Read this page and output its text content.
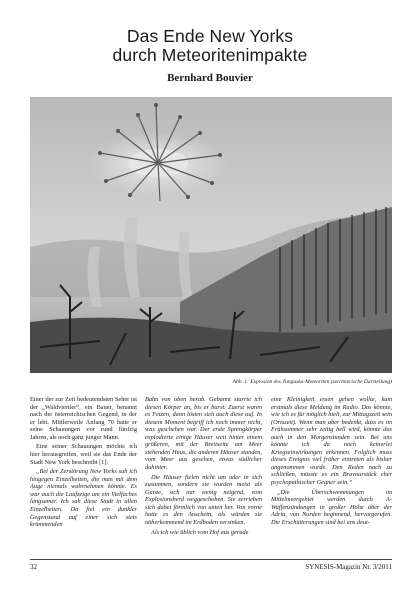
Das Ende New Yorks
durch Meteoritenimpakte
Bernhard Bouvier
Abb. 1: Explosion des Tunguska-Meteoriten (zeichnerische Darstellung)

Einer der zur Zeit bedeutendsten Seher ist der „Waldviertler“, ein Bauer, benannt nach der österreichischen Gegend, in der er lebt. Mittlerweile Anfang 70 hatte er seine Schauungen vor rund fünfzig Jahren, als noch ganz junger Mann.

Eine seiner Schauungen möchte ich hier herausgreifen, weil sie das Ende der Stadt New York beschreibt [1]:

„Bei der Zerstörung New Yorks sah ich hingegen Einzelheiten, die man mit dem Auge niemals wahrnehmen könnte. Es war auch die Laufzeige um ein Vielfaches langsamer. Ich sah diese Stadt in allen Einzelheiten. Da fiel ein dunkler Gegenstand auf einer sich stets krümmenden

Bahn von oben herab. Gebannt starrte ich diesen Körper an, bis er barst. Zuerst waren es Fetzen, dann lösten sich auch diese auf. In diesem Moment begriff ich noch immer nicht, was geschehen war. Der erste Sprengkörper explodierte einige Häuser weit hinter einem größeren, mit der Breitseite am Meer stehenden Haus, die anderen Häuser standen, vom Meer aus gesehen, etwas südlicher dahinter.

Die Häuser fielen nicht um oder in sich zusammen, sondern sie wurden meist als Ganze, sich nur wenig neigend, vom Explosionsherd weggeschoben. Sie zerrieben sich dabei förmlich von unten her. Von vorne hatte es den Anschein, als würden sie näherkommend im Erdboden versinken.

Als ich wie üblich vom Hof aus gerade

eine Kleinigkeit essen gehen wollte, kam erstmals diese Meldung im Radio. Das könnte, wie ich es für möglich hielt, zur Mittagszeit sein (Ortszeit). Wenn man aber bedenkt, dass es im Frühsommer sehr zeitig hell wird, könnte das auch in den Morgenstunden sein. Bei uns könnte ich da noch keinerlei Kriegseinwirkungen erkennen. Folglich muss dieses Ereignis viel früher eintreten als bisher angenommen wurde. Den Reden nach zu schließen, müsste es ein Bravourstück eher psychopathischer Gegner sein.“

„Die Überschwemmungen im Mittelmeergebiet werden durch A-Waffenzündungen in großer Höhe über der Adria, von Norden beginnend, hervorgerufen. Die Erschütterungen sind bei uns deut-

32	SYNESIS-Magazin Nr. 3/2011
